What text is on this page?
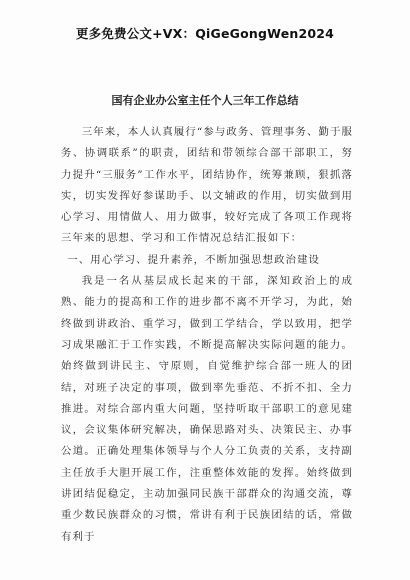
更多免费公文+VX：QiGeGongWen2024
国有企业办公室主任个人三年工作总结

三年来，本人认真履行“参与政务、管理事务、勤于服务、协调联系”的职责，团结和带领综合部干部职工，努力提升“三服务”工作水平，团结协作，统筹兼顾，狠抓落实，切实发挥好参谋助手、以文辅政的作用，切实做到用心学习、用情做人、用力做事，较好完成了各项工作现将三年来的思想、学习和工作情况总结汇报如下：

一、用心学习、提升素养，不断加强思想政治建设

我是一名从基层成长起来的干部，深知政治上的成熟、能力的提高和工作的进步都不离不开学习，为此，始终做到讲政治、重学习，做到工学结合，学以致用，把学习成果融汇于工作实践，不断提高解决实际问题的能力。始终做到讲民主、守原则，自觉维护综合部一班人的团结，对班子决定的事项，做到率先垂范、不折不扣、全力推进。对综合部内重大问题，坚持听取干部职工的意见建议，会议集体研究解决，确保思路对头、决策民主、办事公道。正确处理集体领导与个人分工负责的关系，支持副主任放手大胆开展工作，注重整体效能的发挥。始终做到讲团结促稳定，主动加强同民族干部群众的沟通交流，尊重少数民族群众的习惯，常讲有利于民族团结的话，常做有利于
